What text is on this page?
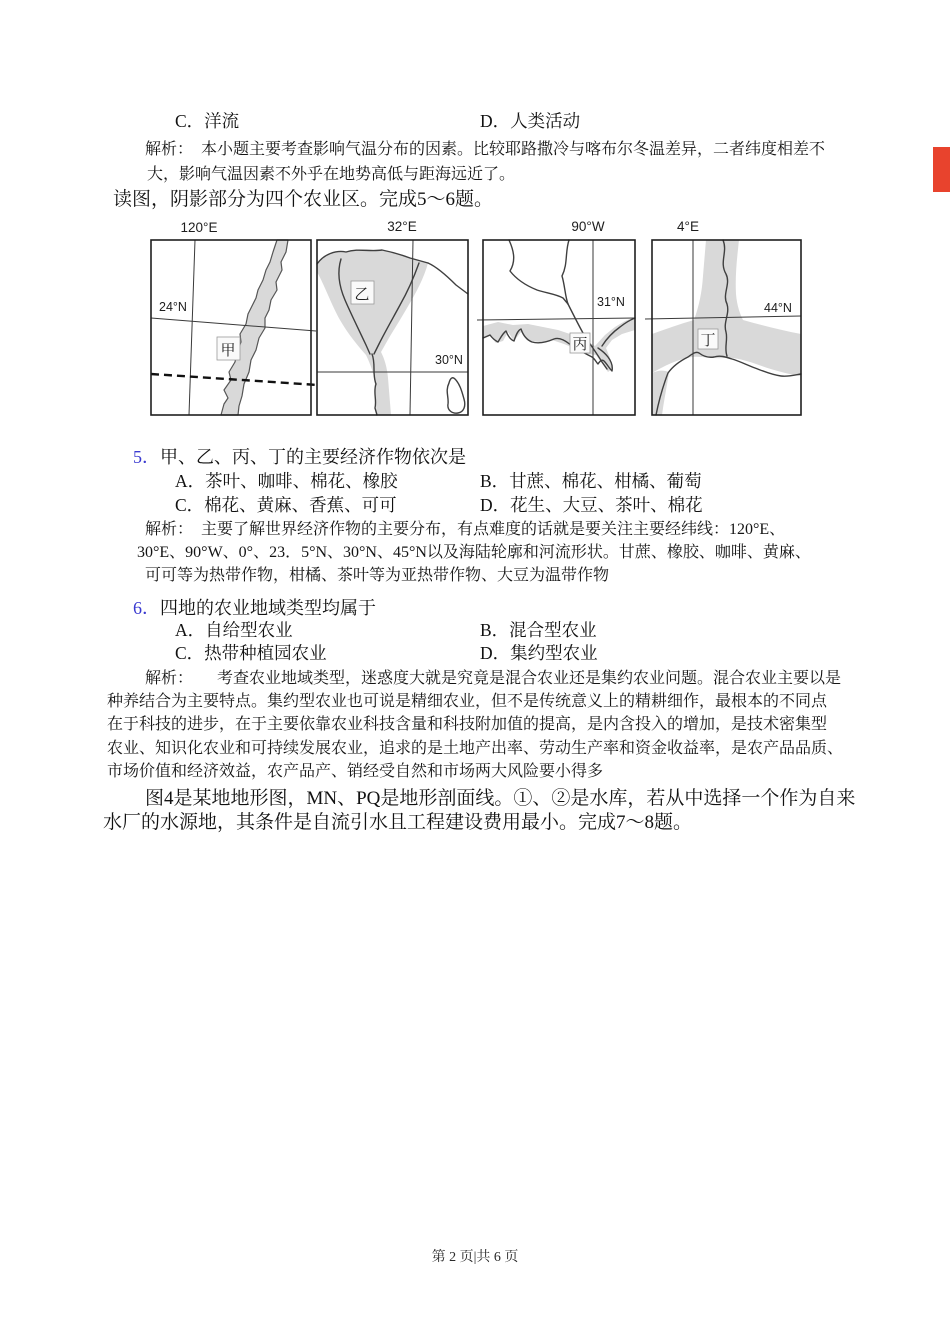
C．洋流	D．人类活动
解析：　本小题主要考查影响气温分布的因素。比较耶路撒冷与喀布尔冬温差异，二者纬度相差不
大，影响气温因素不外乎在地势高低与距海远近了。
读图，阴影部分为四个农业区。完成5～6题。
120°E
24°N
甲
32°E
30°N
乙
90°W
31°N
丙
4°E
44°N
丁
5．甲、乙、丙、丁的主要经济作物依次是
A．茶叶、咖啡、棉花、橡胶	B．甘蔗、棉花、柑橘、葡萄
C．棉花、黄麻、香蕉、可可	D．花生、大豆、茶叶、棉花
解析：　主要了解世界经济作物的主要分布，有点难度的话就是要关注主要经纬线：120°E、
30°E、90°W、0°、23．5°N、30°N、45°N以及海陆轮廓和河流形状。甘蔗、橡胶、咖啡、黄麻、
可可等为热带作物，柑橘、茶叶等为亚热带作物、大豆为温带作物
6．四地的农业地域类型均属于
A．自给型农业	B．混合型农业
C．热带种植园农业	D．集约型农业
解析：　　考查农业地域类型，迷惑度大就是究竟是混合农业还是集约农业问题。混合农业主要以是
种养结合为主要特点。集约型农业也可说是精细农业，但不是传统意义上的精耕细作，最根本的不同点
在于科技的进步，在于主要依靠农业科技含量和科技附加值的提高，是内含投入的增加，是技术密集型
农业、知识化农业和可持续发展农业，追求的是土地产出率、劳动生产率和资金收益率，是农产品品质、
市场价值和经济效益，农产品产、销经受自然和市场两大风险要小得多
图4是某地地形图，MN、PQ是地形剖面线。①、②是水库，若从中选择一个作为自来
水厂的水源地，其条件是自流引水且工程建设费用最小。完成7～8题。
第 2 页|共 6 页
